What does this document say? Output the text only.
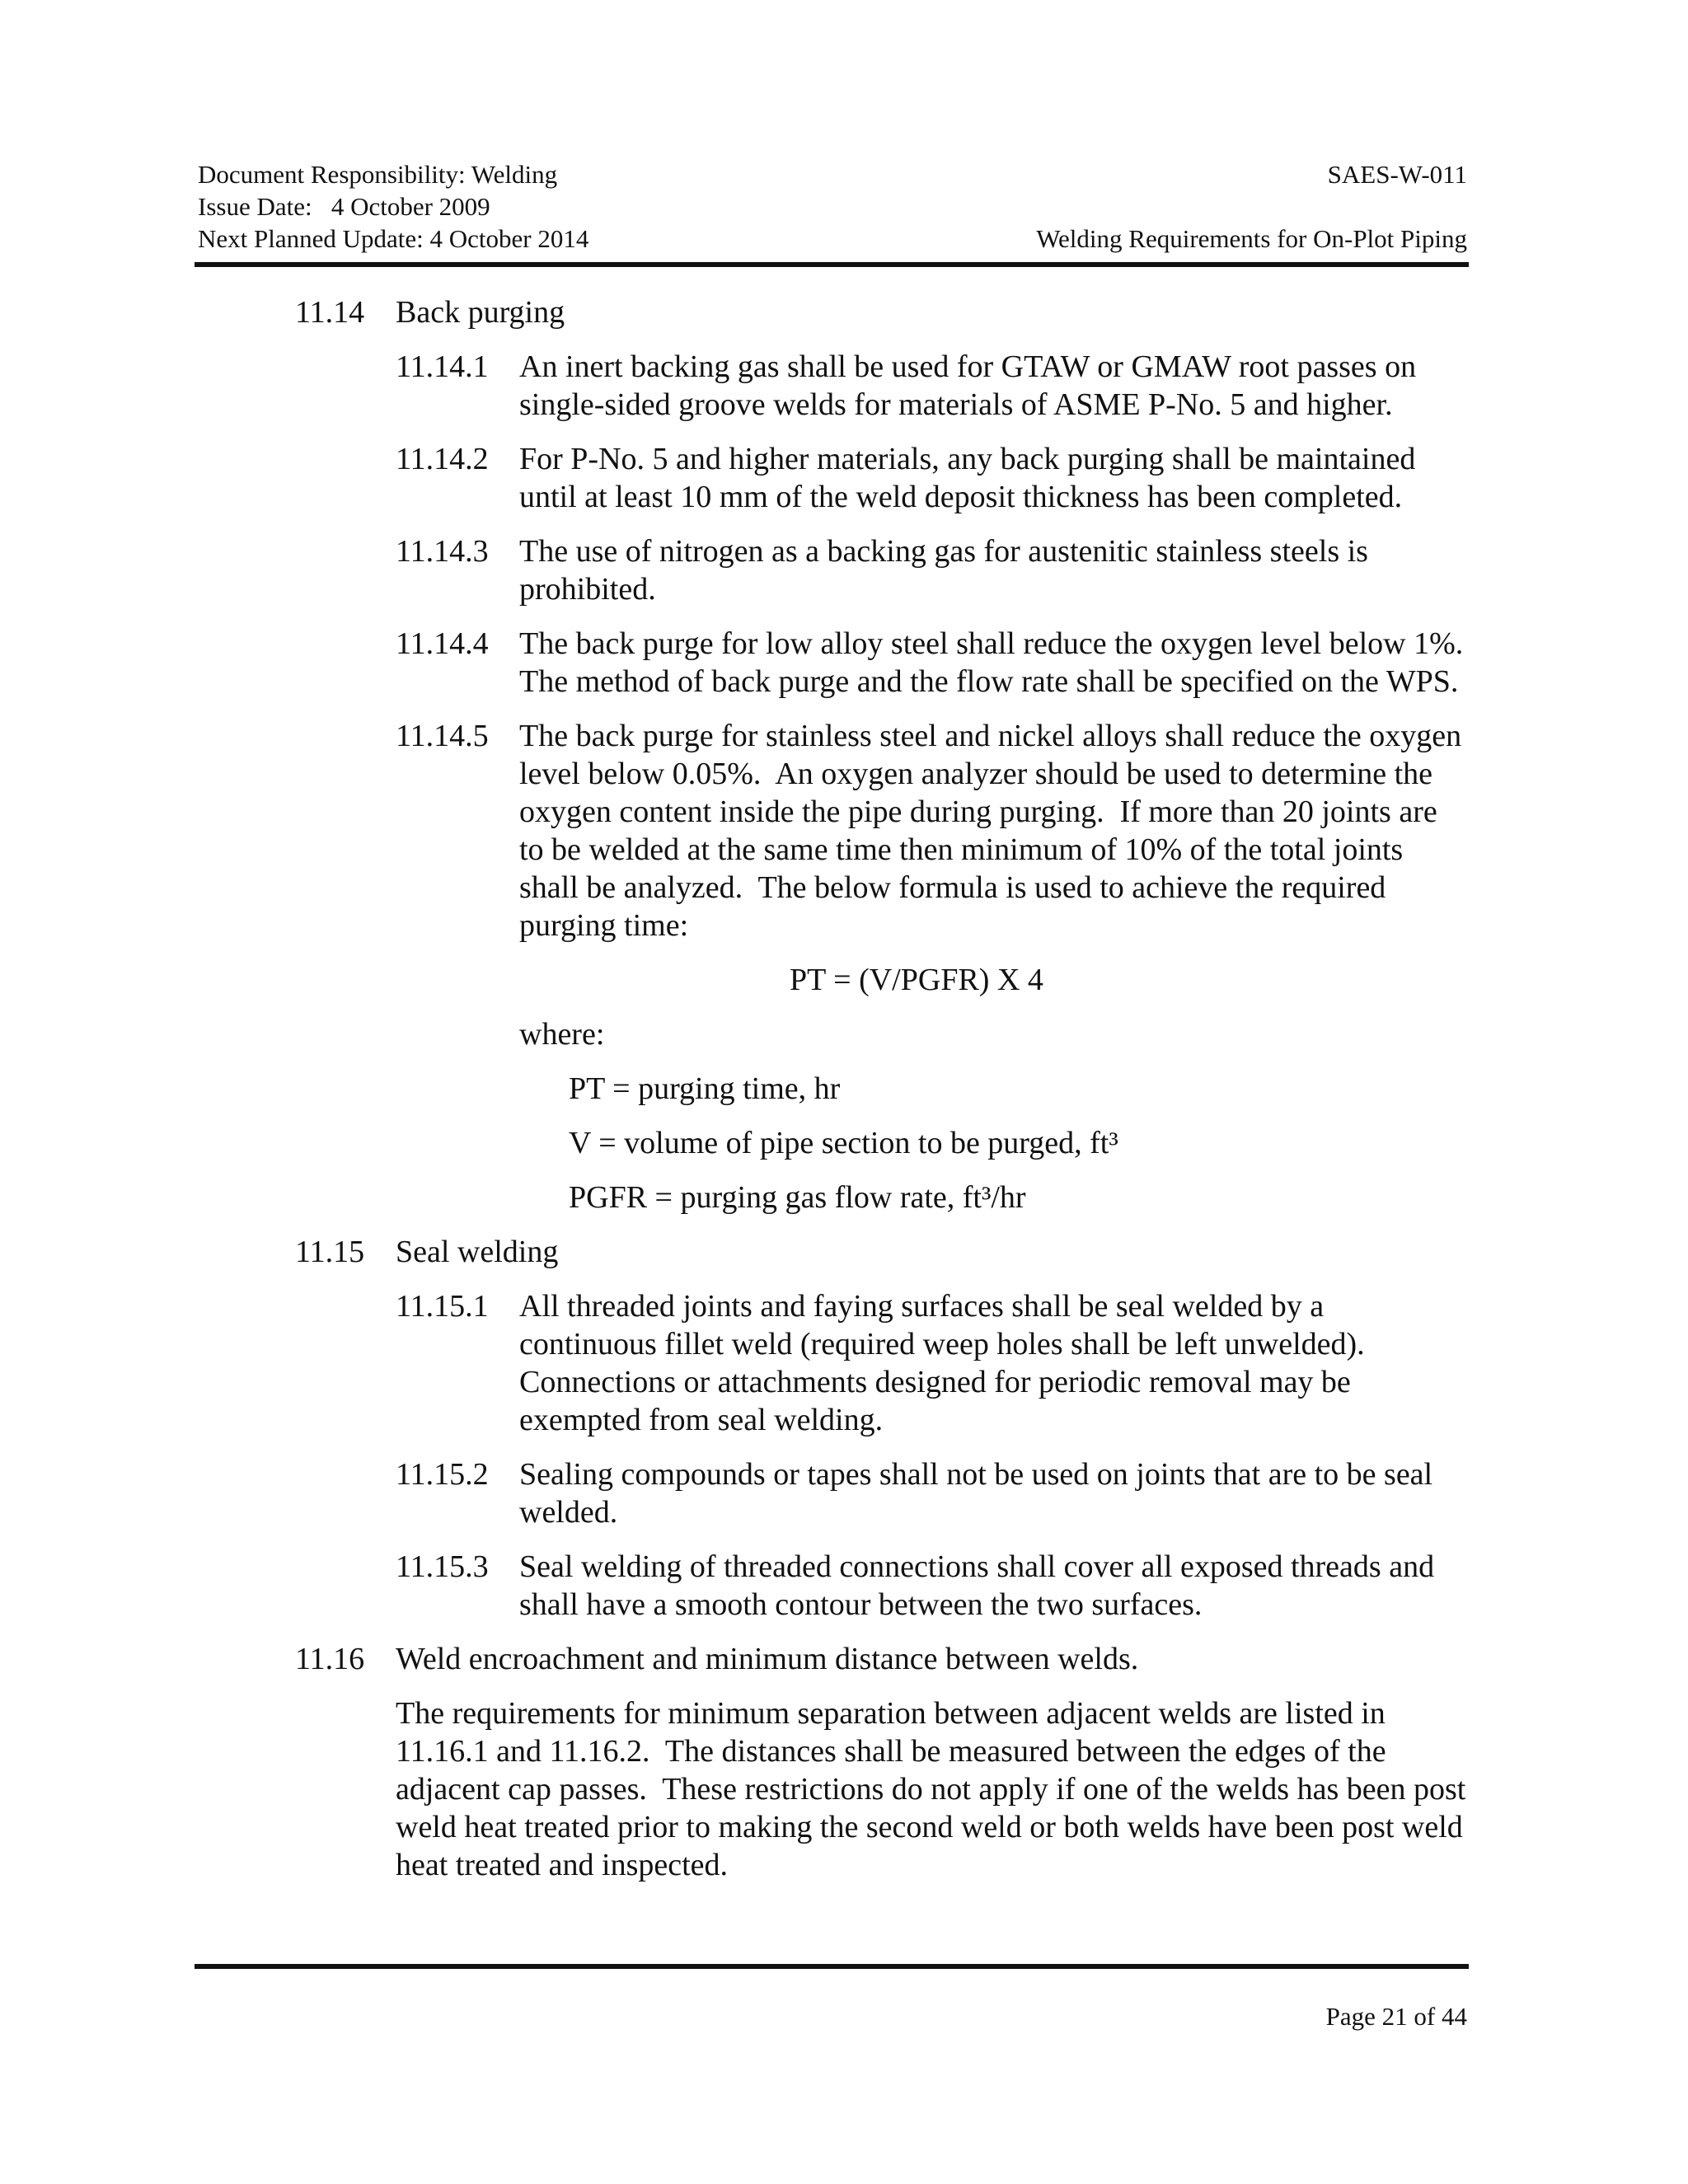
Document Responsibility: Welding
Issue Date:   4 October 2009
Next Planned Update: 4 October 2014
SAES-W-011
Welding Requirements for On-Plot Piping
11.14 Back purging
11.14.1 An inert backing gas shall be used for GTAW or GMAW root passes on single-sided groove welds for materials of ASME P-No. 5 and higher.
11.14.2 For P-No. 5 and higher materials, any back purging shall be maintained until at least 10 mm of the weld deposit thickness has been completed.
11.14.3 The use of nitrogen as a backing gas for austenitic stainless steels is prohibited.
11.14.4 The back purge for low alloy steel shall reduce the oxygen level below 1%.  The method of back purge and the flow rate shall be specified on the WPS.
11.14.5 The back purge for stainless steel and nickel alloys shall reduce the oxygen level below 0.05%.  An oxygen analyzer should be used to determine the oxygen content inside the pipe during purging.  If more than 20 joints are to be welded at the same time then minimum of 10% of the total joints shall be analyzed.  The below formula is used to achieve the required purging time:
PT = (V/PGFR) X 4
where:
PT = purging time, hr
V = volume of pipe section to be purged, ft³
PGFR = purging gas flow rate, ft³/hr
11.15 Seal welding
11.15.1 All threaded joints and faying surfaces shall be seal welded by a continuous fillet weld (required weep holes shall be left unwelded). Connections or attachments designed for periodic removal may be exempted from seal welding.
11.15.2 Sealing compounds or tapes shall not be used on joints that are to be seal welded.
11.15.3 Seal welding of threaded connections shall cover all exposed threads and shall have a smooth contour between the two surfaces.
11.16 Weld encroachment and minimum distance between welds.
The requirements for minimum separation between adjacent welds are listed in 11.16.1 and 11.16.2.  The distances shall be measured between the edges of the adjacent cap passes.  These restrictions do not apply if one of the welds has been post weld heat treated prior to making the second weld or both welds have been post weld heat treated and inspected.
Page 21 of 44
